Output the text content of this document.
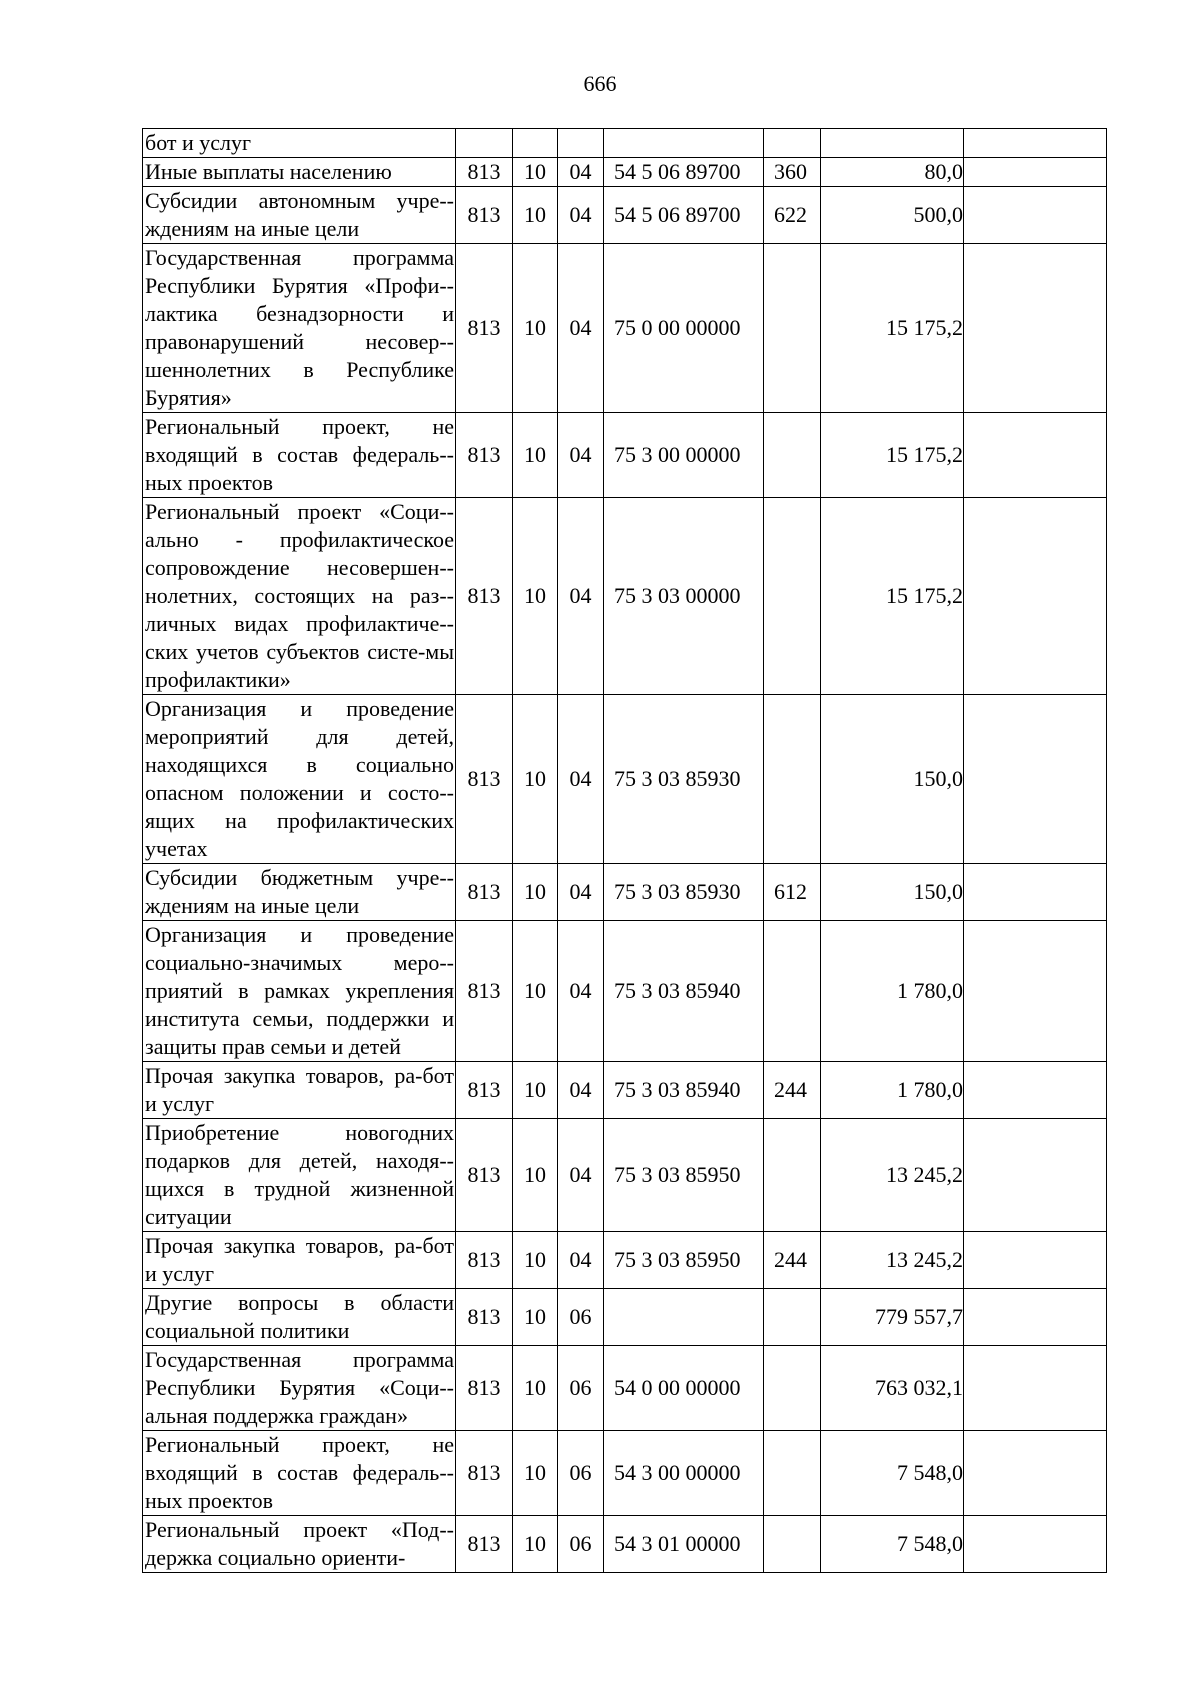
666
бот и услуг							
Иные выплаты населению	813	10	04	54 5 06 89700	360	80,0	
Субсидии автономным учре-ждениям на иные цели	813	10	04	54 5 06 89700	622	500,0	
Государственная программа Республики Бурятия «Профи-лактика безнадзорности и правонарушений несовер-шеннолетних в Республике Бурятия»	813	10	04	75 0 00 00000		15 175,2	
Региональный проект, не входящий в состав федераль-ных проектов	813	10	04	75 3 00 00000		15 175,2	
Региональный проект «Соци-ально - профилактическое сопровождение несовершен-нолетних, состоящих на раз-личных видах профилактиче-ских учетов субъектов систе-мы профилактики»	813	10	04	75 3 03 00000		15 175,2	
Организация и проведение мероприятий для детей, находящихся в социально опасном положении и состо-ящих на профилактических учетах	813	10	04	75 3 03 85930		150,0	
Субсидии бюджетным учре-ждениям на иные цели	813	10	04	75 3 03 85930	612	150,0	
Организация и проведение социально-значимых меро-приятий в рамках укрепления института семьи, поддержки и защиты прав семьи и детей	813	10	04	75 3 03 85940		1 780,0	
Прочая закупка товаров, ра-бот и услуг	813	10	04	75 3 03 85940	244	1 780,0	
Приобретение новогодних подарков для детей, находя-щихся в трудной жизненной ситуации	813	10	04	75 3 03 85950		13 245,2	
Прочая закупка товаров, ра-бот и услуг	813	10	04	75 3 03 85950	244	13 245,2	
Другие вопросы в области социальной политики	813	10	06			779 557,7	
Государственная программа Республики Бурятия «Соци-альная поддержка граждан»	813	10	06	54 0 00 00000		763 032,1	
Региональный проект, не входящий в состав федераль-ных проектов	813	10	06	54 3 00 00000		7 548,0	
Региональный проект «Под-держка социально ориенти-	813	10	06	54 3 01 00000		7 548,0	
